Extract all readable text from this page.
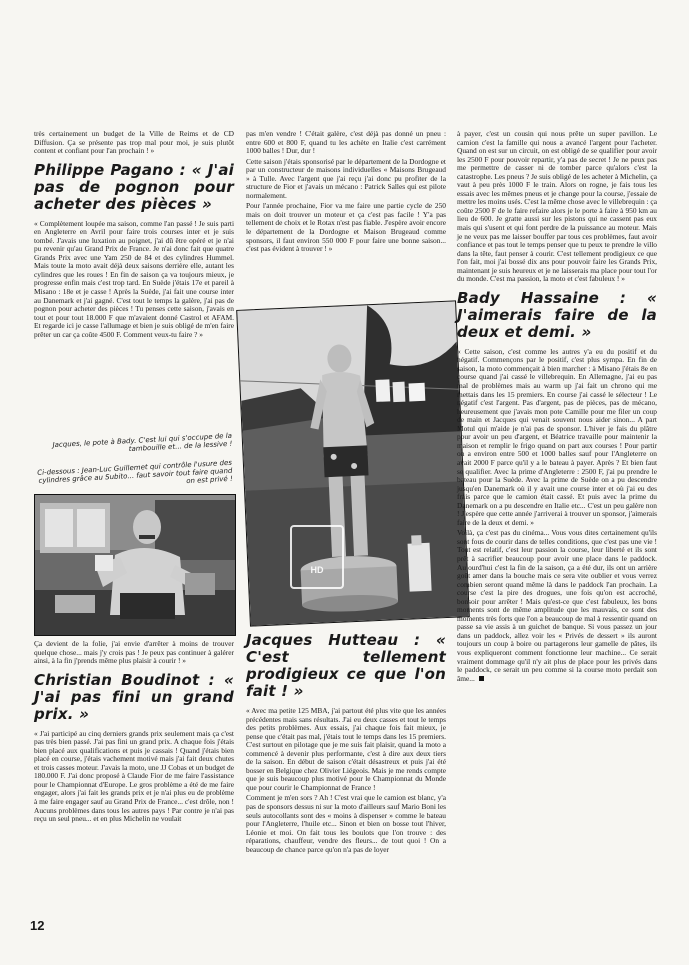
très certainement un budget de la Ville de Reims et de CD Diffusion. Ça se présente pas trop mal pour moi, je suis plutôt content et confiant pour l'an prochain ! »

Philippe Pagano : « J'ai pas de pognon pour acheter des pièces »

« Complètement loupée ma saison, comme l'an passé ! Je suis parti en Angleterre en Avril pour faire trois courses inter et je suis tombé. J'avais une luxation au poignet, j'ai dû être opéré et je n'ai pu revenir qu'au Grand Prix de France. Je n'ai donc fait que quatre Grands Prix avec une Yam 250 de 84 et des cylindres Hummel. Mais toute la moto avait déjà deux saisons derrière elle, autant les cylindres que les roues ! En fin de saison ça va toujours mieux, je progresse enfin mais c'est trop tard. En Suède j'étais 17e et pareil à Misano : 18e et je casse ! Après la Suède, j'ai fait une course inter au Danemark et j'ai gagné. C'est tout le temps la galère, j'ai pas de pognon pour acheter des pièces ! Tu penses cette saison, j'avais en tout et pour tout 18.000 F que m'avaient donné Castrol et AFAM. Et regarde ici je casse l'allumage et bien je suis obligé de m'en faire prêter un car ça coûte 4500 F. Comment veux-tu faire ? »

Jacques, le pote à Bady. C'est lui qui s'occupe de la tambouille et... de la lessive !
Ci-dessous : Jean-Luc Guillemet qui contrôle l'usure des cylindres grâce au Subito... faut savoir tout faire quand on est privé !

Ça devient de la folie, j'ai envie d'arrêter à moins de trouver quelque chose... mais j'y crois pas ! Je peux pas continuer à galérer ainsi, à la fin j'prends même plus plaisir à courir ! »

Christian Boudinot : « J'ai pas fini un grand prix. »

« J'ai participé au cinq derniers grands prix seulement mais ça c'est pas très bien passé. J'ai pas fini un grand prix. A chaque fois j'étais bien placé aux qualifications et puis je cassais ! Quand j'étais bien placé en course, j'étais vachement motivé mais j'ai fait deux chutes et trois casses moteur. J'avais la moto, une JJ Cobas et un budget de 180.000 F. J'ai donc proposé à Claude Fior de me faire l'assistance pour le Championnat d'Europe. Le gros problème a été de me faire engager, alors j'ai fait les grands prix et je n'ai plus eu de problème à me faire engager sauf au Grand Prix de France... c'est drôle, non ! Aucuns problèmes dans tous les autres pays ! Par contre je n'ai pas reçu un seul pneu... et en plus Michelin ne voulait

pas m'en vendre ! C'était galère, c'est déjà pas donné un pneu : entre 600 et 800 F, quand tu les achète en Italie c'est carrément 1000 balles ! Dur, dur !

Cette saison j'étais sponsorisé par le département de la Dordogne et par un constructeur de maisons individuelles « Maisons Brugeaud » à Tulle. Avec l'argent que j'ai reçu j'ai donc pu profiter de la structure de Fior et j'avais un mécano : Patrick Salles qui est pilote normalement.

Pour l'année prochaine, Fior va me faire une partie cycle de 250 mais on doit trouver un moteur et ça c'est pas facile ! Y'a pas tellement de choix et le Rotax n'est pas fiable. J'espère avoir encore le département de la Dordogne et Maison Brugeaud comme sponsors, il faut environ 550 000 F pour faire une bonne saison... c'est pas évident à trouver ! »

HD
Jacques Hutteau : « C'est tellement prodigieux ce que l'on fait ! »

« Avec ma petite 125 MBA, j'ai partout été plus vite que les années précédentes mais sans résultats. J'ai eu deux casses et tout le temps des petits problèmes. Aux essais, j'ai chaque fois fait mieux, je pense que c'était pas mal, j'étais tout le temps dans les 15 premiers. C'est surtout en pilotage que je me suis fait plaisir, quand la moto a commencé à devenir plus performante, c'est à dire aux deux tiers de la saison. En début de saison c'était désastreux et puis j'ai été bosser en Belgique chez Olivier Liégeois. Mais je me rends compte que je suis beaucoup plus motivé pour le Championnat du Monde que pour courir le Championnat de France !

Comment je m'en sors ? Ah ! C'est vrai que le camion est blanc, y'a pas de sponsors dessus ni sur la moto d'ailleurs sauf Mario Boni les seuls autocollants sont des « moins à dispenser » comme le bateau pour l'Angleterre, l'huile etc... Sinon et bien on bosse tout l'hiver, Léonie et moi. On fait tous les boulots que l'on trouve : des réparations, chauffeur, vendre des fleurs... de tout quoi ! On a beaucoup de chance parce qu'on n'a pas de loyer

à payer, c'est un cousin qui nous prête un super pavillon. Le camion c'est la famille qui nous a avancé l'argent pour l'acheter. Quand on est sur un circuit, on est obligé de se qualifier pour avoir les 2500 F pour pouvoir repartir, y'a pas de secret ! Je ne peux pas me permettre de casser ni de tomber parce qu'alors c'est la catastrophe. Les pneus ? Je suis obligé de les acheter à Michelin, ça vaut à peu près 1000 F le train. Alors on rogne, je fais tous les essais avec les mêmes pneus et je change pour la course, j'essaie de mettre les moins usés. C'est la même chose avec le villebrequin : ça coûte 2500 F de le faire refaire alors je le porte à faire à 950 km au lieu de 600. Je gratte aussi sur les pistons qui ne cassent pas eux mais qui s'usent et qui font perdre de la puissance au moteur. Mais je ne veux pas me laisser bouffer par tous ces problèmes, faut avoir confiance et pas tout le temps penser que tu peux te prendre le villo dans la tête, faut penser à courir. C'est tellement prodigieux ce que l'on fait, moi j'ai bossé dix ans pour pouvoir faire les Grands Prix, maintenant je suis heureux et je ne laisserais ma place pour tout l'or du monde. C'est ma passion, la moto et c'est fabuleux ! »

Bady Hassaine : « J'aimerais faire de la deux et demi. »

« Cette saison, c'est comme les autres y'a eu du positif et du négatif. Commençons par le positif, c'est plus sympa. En fin de saison, la moto commençait à bien marcher : à Misano j'étais 8e en course quand j'ai cassé le villebrequin. En Allemagne, j'ai eu pas mal de problèmes mais au warm up j'ai fait un chrono qui me mettais dans les 15 premiers. En course j'ai cassé le sélecteur ! Le négatif c'est l'argent. Pas d'argent, pas de pièces, pas de mécano, heureusement que j'avais mon pote Camille pour me filer un coup de main et Jacques qui venait souvent nous aider sinon... A part Motul qui m'aide je n'ai pas de sponsor. L'hiver je fais du plâtre pour avoir un peu d'argent, et Béatrice travaille pour maintenir la maison et remplir le frigo quand on part aux courses ! Pour partir on a environ entre 500 et 1000 balles sauf pour l'Angleterre on avait 2000 F parce qu'il y a le bateau à payer. Après ? Et bien faut se qualifier. Avec la prime d'Angleterre : 2500 F, j'ai pu prendre le bateau pour la Suède. Avec la prime de Suède on a pu descendre jusqu'en Danemark où il y avait une course inter et où j'ai eu des frais parce que le camion était cassé. Et puis avec la prime du Danemark on a pu descendre en Italie etc... C'est un peu galère non ! J'espère que cette année j'arriverai à trouver un sponsor, j'aimerais faire de la deux et demi. »

Voilà, ça c'est pas du cinéma... Vous vous dites certainement qu'ils sont fous de courir dans de telles conditions, que c'est pas une vie ! Tout est relatif, c'est leur passion la course, leur liberté et ils sont prêt à sacrifier beaucoup pour avoir une place dans le paddock. Aujourd'hui c'est la fin de la saison, ça a été dur, ils ont un arrière goût amer dans la bouche mais ce sera vite oublier et vous verrez combien seront quand même là dans le paddock l'an prochain. La course c'est la pire des drogues, une fois qu'on est accroché, bonsoir pour arrêter ! Mais qu'est-ce que c'est fabuleux, les bons moments sont de même amplitude que les mauvais, ce sont des moments très forts que l'on a beaucoup de mal à ressentir quand on passe sa vie assis à un guichet de banque. Si vous passez un jour dans un paddock, allez voir les « Privés de dessert » ils auront toujours un coup à boire ou partagerons leur gamelle de pâtes, ils vous expliqueront comment fonctionne leur machine... Ce serait vraiment dommage qu'il n'y ait plus de place pour les privés dans le paddock, ce serait un peu comme si la course moto perdait son âme...

12
